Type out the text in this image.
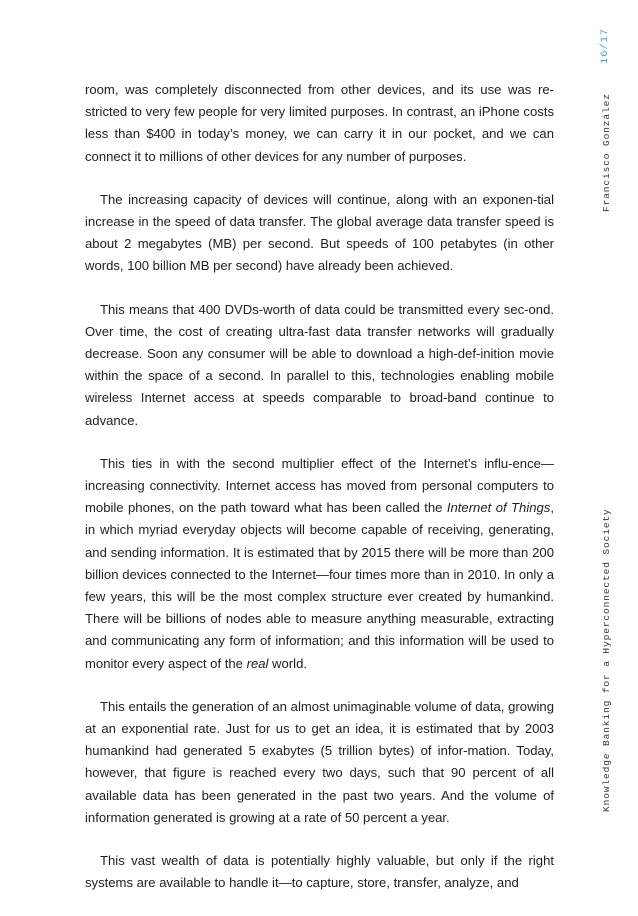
16/17
Francisco González
Knowledge Banking for a Hyperconnected Society

room, was completely disconnected from other devices, and its use was re-stricted to very few people for very limited purposes. In contrast, an iPhone costs less than $400 in today’s money, we can carry it in our pocket, and we can connect it to millions of other devices for any number of purposes.

The increasing capacity of devices will continue, along with an exponen-tial increase in the speed of data transfer. The global average data transfer speed is about 2 megabytes (MB) per second. But speeds of 100 petabytes (in other words, 100 billion MB per second) have already been achieved.

This means that 400 DVDs-worth of data could be transmitted every sec-ond. Over time, the cost of creating ultra-fast data transfer networks will gradually decrease. Soon any consumer will be able to download a high-def-inition movie within the space of a second. In parallel to this, technologies enabling mobile wireless Internet access at speeds comparable to broad-band continue to advance.

This ties in with the second multiplier effect of the Internet’s influ-ence—increasing connectivity. Internet access has moved from personal computers to mobile phones, on the path toward what has been called the Internet of Things, in which myriad everyday objects will become capable of receiving, generating, and sending information. It is estimated that by 2015 there will be more than 200 billion devices connected to the Internet—four times more than in 2010. In only a few years, this will be the most complex structure ever created by humankind. There will be billions of nodes able to measure anything measurable, extracting and communicating any form of information; and this information will be used to monitor every aspect of the real world.

This entails the generation of an almost unimaginable volume of data, growing at an exponential rate. Just for us to get an idea, it is estimated that by 2003 humankind had generated 5 exabytes (5 trillion bytes) of infor-mation. Today, however, that figure is reached every two days, such that 90 percent of all available data has been generated in the past two years. And the volume of information generated is growing at a rate of 50 percent a year.

This vast wealth of data is potentially highly valuable, but only if the right systems are available to handle it—to capture, store, transfer, analyze, and
